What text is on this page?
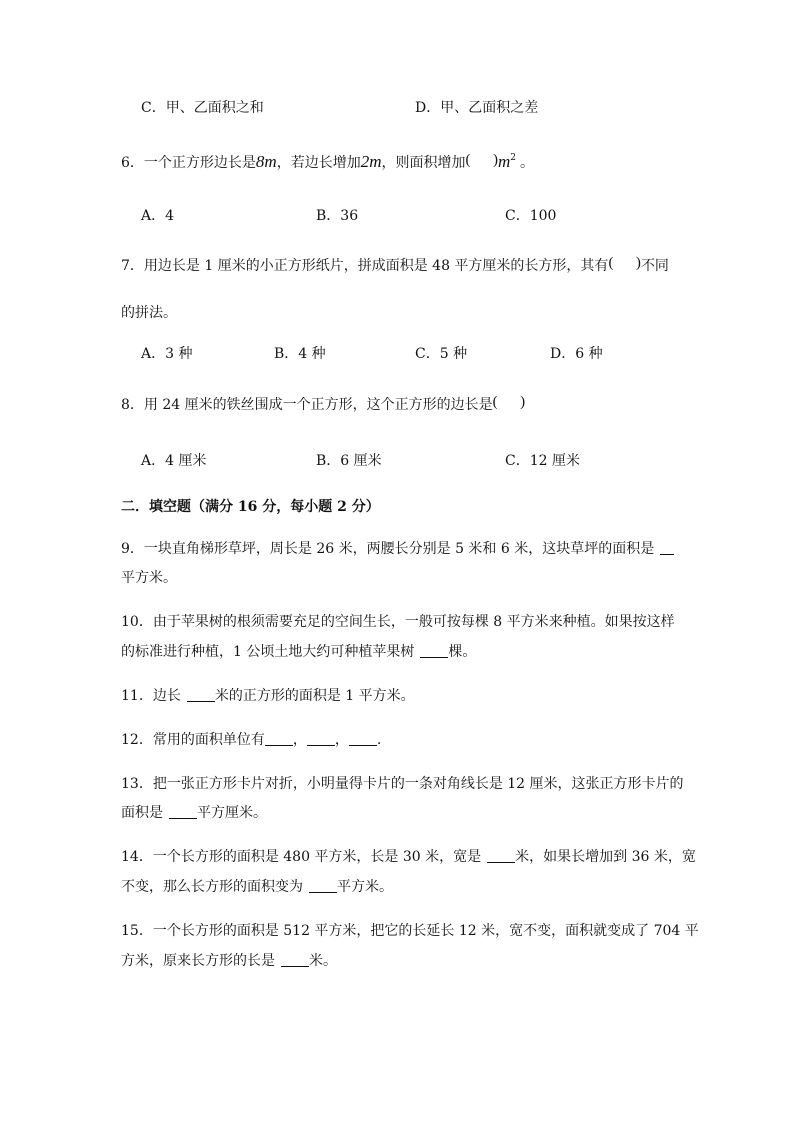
C．甲、乙面积之和	D．甲、乙面积之差
6．一个正方形边长是8m，若边长增加2m，则面积增加(      )$m^2$ 。
A．4	B．36	C．100
7．用边长是 1 厘米的小正方形纸片，拼成面积是 48 平方厘米的长方形，其有(      )不同
的拼法。
A．3 种	B．4 种	C．5 种	D．6 种
8．用 24 厘米的铁丝围成一个正方形，这个正方形的边长是(      )
A．4 厘米	B．6 厘米	C．12 厘米
二．填空题（满分 16 分，每小题 2 分）
9．一块直角梯形草坪，周长是 26 米，两腰长分别是 5 米和 6 米，这块草坪的面积是
平方米。
10．由于苹果树的根须需要充足的空间生长，一般可按每棵 8 平方米来种植。如果按这样
的标准进行种植，1 公顷土地大约可种植苹果树 棵。
11．边长 米的正方形的面积是 1 平方米。
12．常用的面积单位有 ， ， .
13．把一张正方形卡片对折，小明量得卡片的一条对角线长是 12 厘米，这张正方形卡片的
面积是 平方厘米。
14．一个长方形的面积是 480 平方米，长是 30 米，宽是 米，如果长增加到 36 米，宽
不变，那么长方形的面积变为 平方米。
15．一个长方形的面积是 512 平方米，把它的长延长 12 米，宽不变，面积就变成了 704 平
方米，原来长方形的长是 米。
